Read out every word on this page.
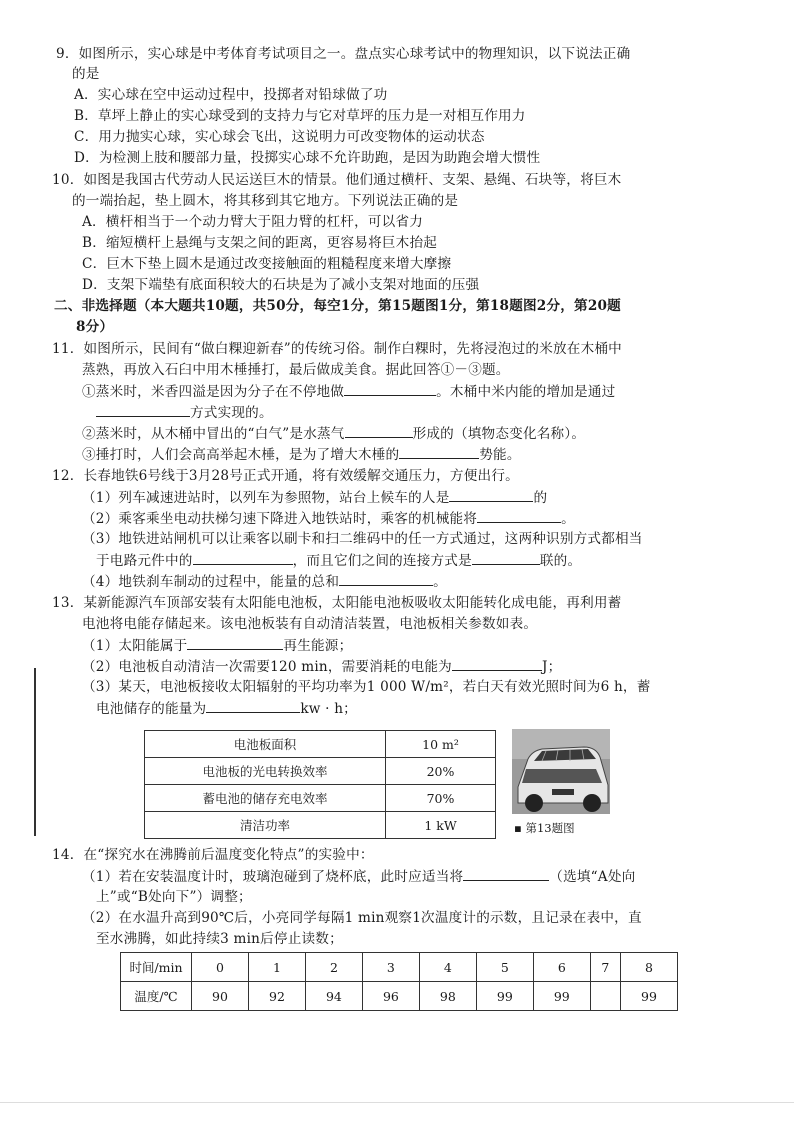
9．如图所示，实心球是中考体育考试项目之一。盘点实心球考试中的物理知识，以下说法正确
的是
A．实心球在空中运动过程中，投掷者对铅球做了功
B．草坪上静止的实心球受到的支持力与它对草坪的压力是一对相互作用力
C．用力抛实心球，实心球会飞出，这说明力可改变物体的运动状态
D．为检测上肢和腰部力量，投掷实心球不允许助跑，是因为助跑会增大惯性
10．如图是我国古代劳动人民运送巨木的情景。他们通过横杆、支架、悬绳、石块等，将巨木
的一端抬起，垫上圆木，将其移到其它地方。下列说法正确的是
A．横杆相当于一个动力臂大于阻力臂的杠杆，可以省力
B．缩短横杆上悬绳与支架之间的距离，更容易将巨木抬起
C．巨木下垫上圆木是通过改变接触面的粗糙程度来增大摩擦
D．支架下端垫有底面积较大的石块是为了减小支架对地面的压强
二、非选择题（本大题共10题，共50分，每空1分，第15题图1分，第18题图2分，第20题
8分）
11．如图所示，民间有“做白粿迎新春”的传统习俗。制作白粿时，先将浸泡过的米放在木桶中
蒸熟，再放入石臼中用木棰捶打，最后做成美食。据此回答①－③题。
①蒸米时，米香四溢是因为分子在不停地做	。木桶中米内能的增加是通过
方式实现的。
②蒸米时，从木桶中冒出的“白气”是水蒸气	形成的（填物态变化名称）。
③捶打时，人们会高高举起木棰，是为了增大木棰的	势能。
12．长春地铁6号线于3月28号正式开通，将有效缓解交通压力，方便出行。
（1）列车减速进站时，以列车为参照物，站台上候车的人是	的
（2）乘客乘坐电动扶梯匀速下降进入地铁站时，乘客的机械能将	。
（3）地铁进站闸机可以让乘客以刷卡和扫二维码中的任一方式通过，这两种识别方式都相当
于电路元件中的	，而且它们之间的连接方式是	联的。
（4）地铁刹车制动的过程中，能量的总和	。
13．某新能源汽车顶部安装有太阳能电池板，太阳能电池板吸收太阳能转化成电能，再利用蓄
电池将电能存储起来。该电池板装有自动清洁装置，电池板相关参数如表。
（1）太阳能属于	再生能源；
（2）电池板自动清洁一次需要120 min，需要消耗的电能为	J；
（3）某天，电池板接收太阳辐射的平均功率为1 000 W/m²，若白天有效光照时间为6 h，蓄
电池储存的能量为	kw · h；
电池板面积	10 m²
电池板的光电转换效率	20%
蓄电池的储存充电效率	70%
清洁功率	1 kW	▪ 第13题图
14．在“探究水在沸腾前后温度变化特点”的实验中：
（1）若在安装温度计时，玻璃泡碰到了烧杯底，此时应适当将	（选填“A处向
上”或“B处向下”）调整；
（2）在水温升高到90℃后，小亮同学每隔1 min观察1次温度计的示数，且记录在表中，直
至水沸腾，如此持续3 min后停止读数；
时间/min	0	1	2	3	4	5	6	7	8
温度/℃	90	92	94	96	98	99	99		99
